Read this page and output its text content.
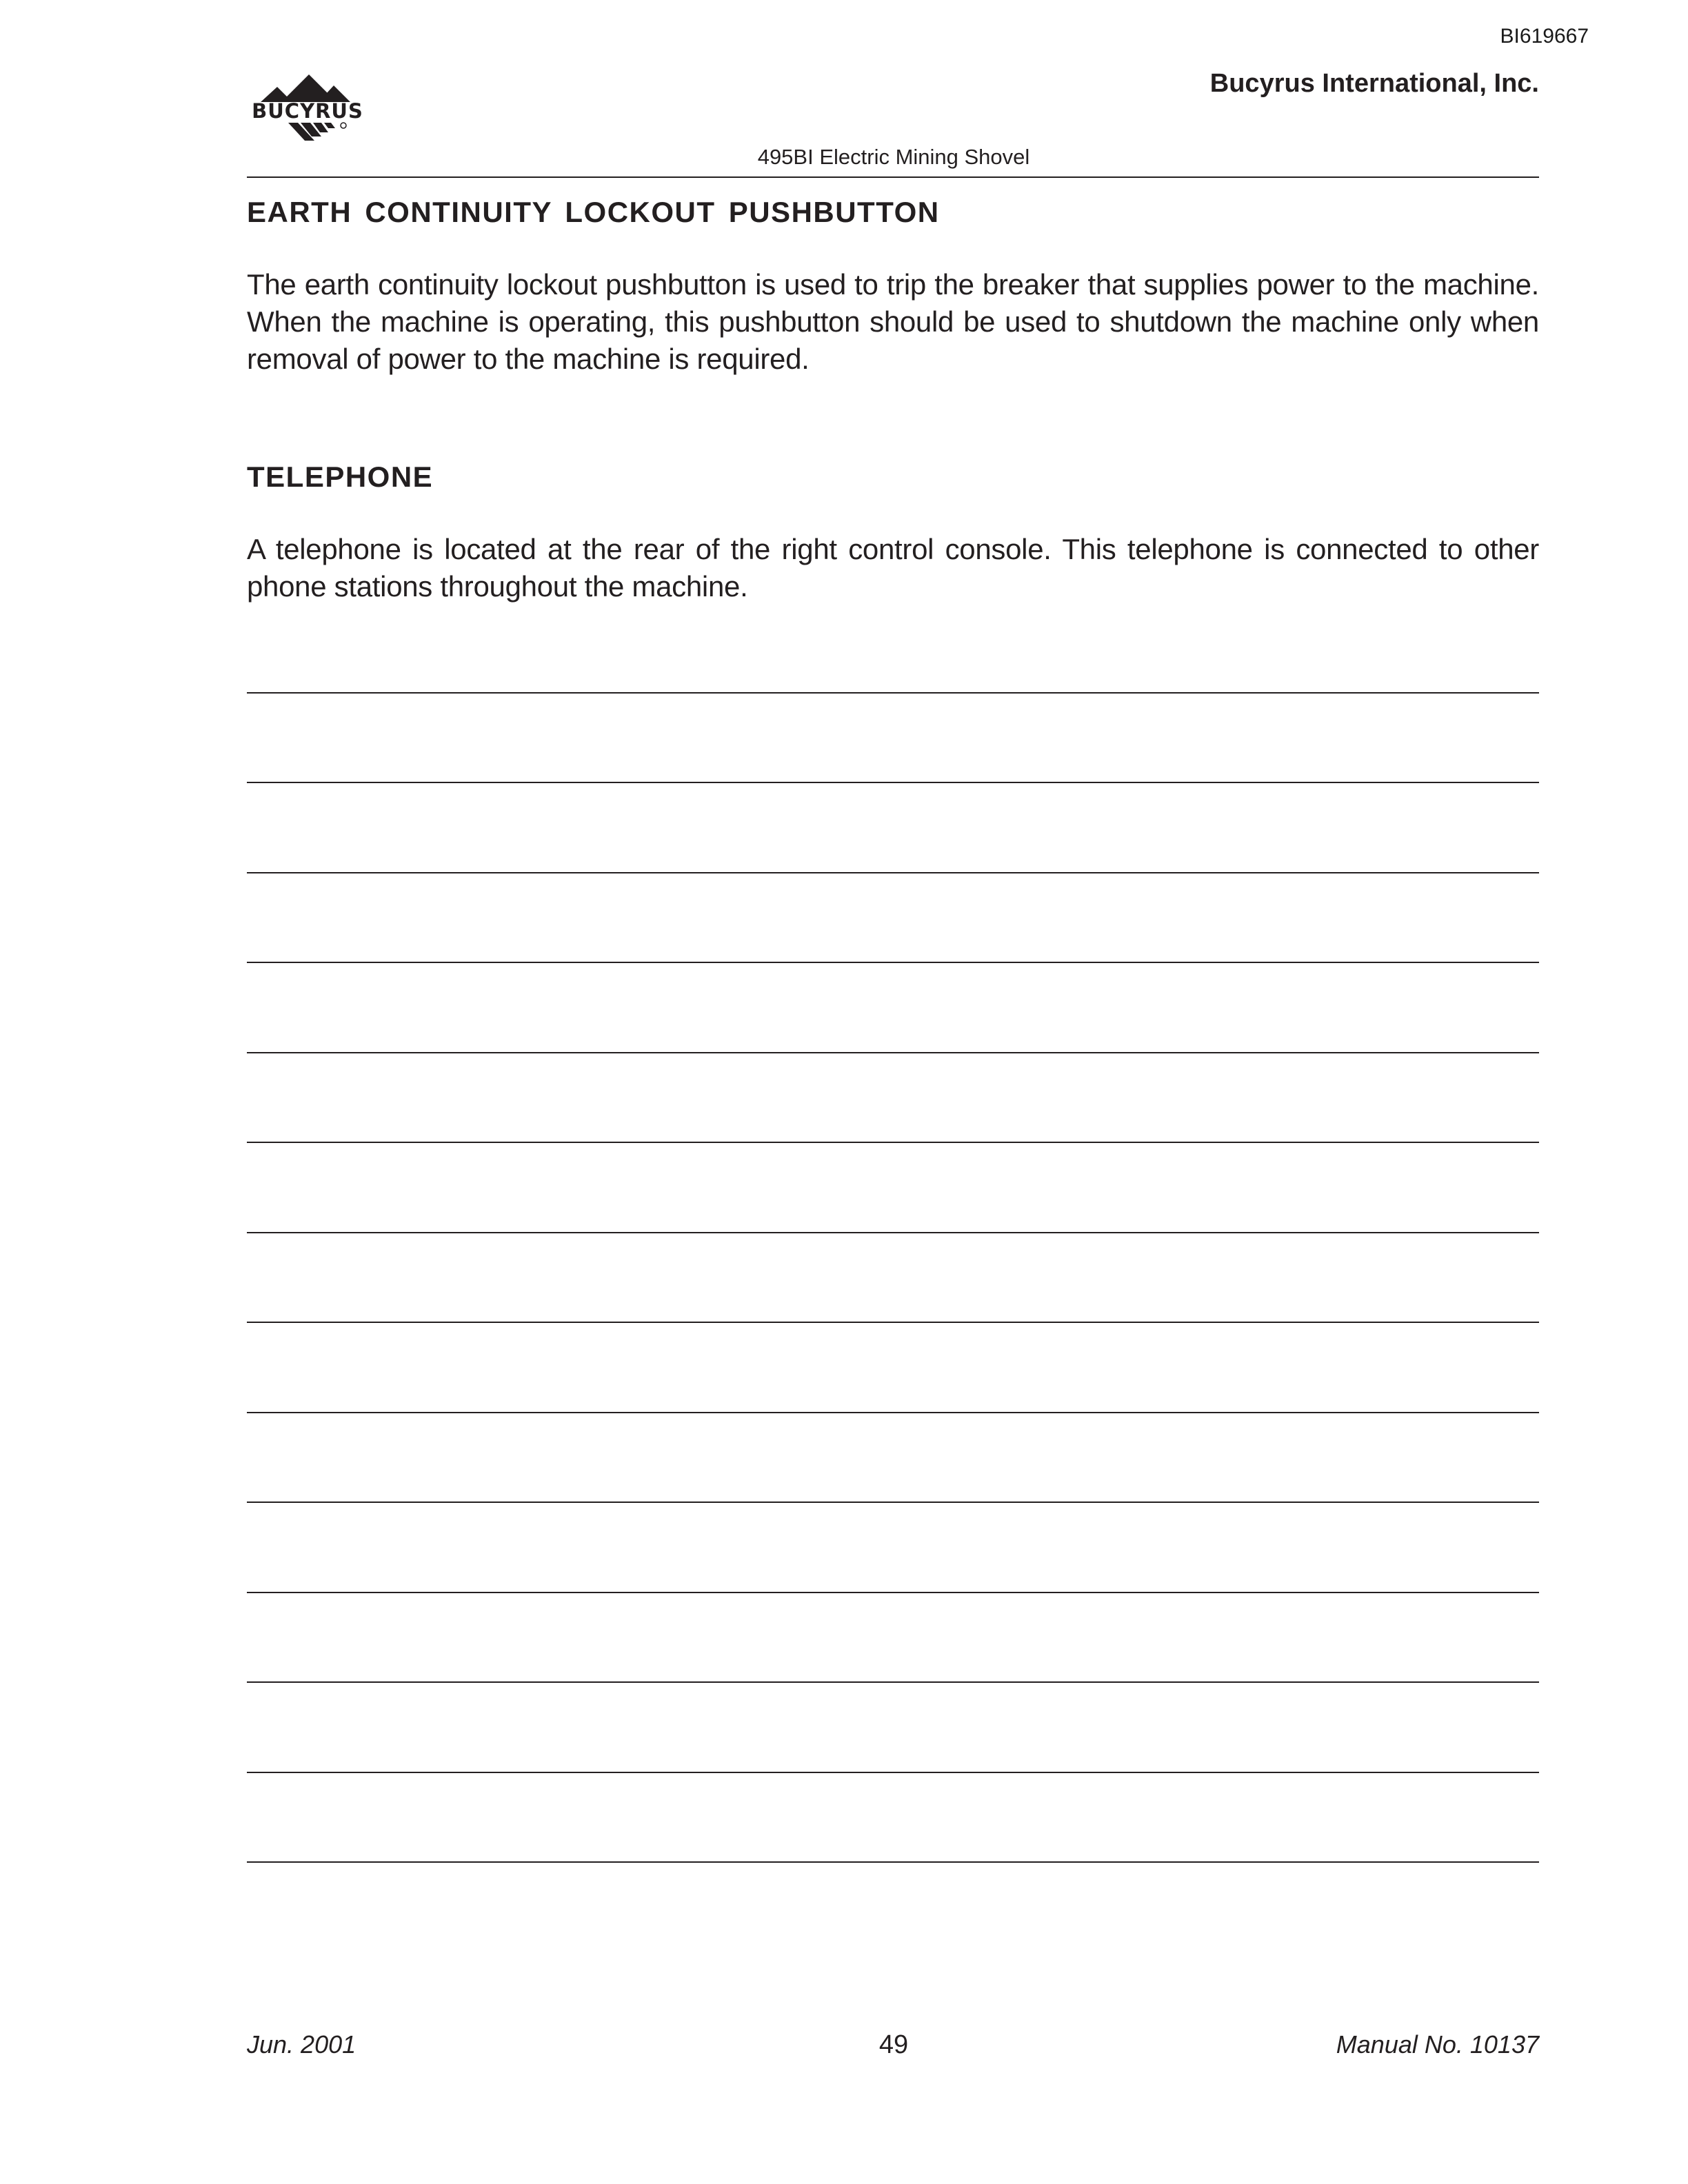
BI619667
BUCYRUS
Bucyrus International, Inc.
495BI Electric Mining Shovel
EARTH CONTINUITY LOCKOUT PUSHBUTTON
The earth continuity lockout pushbutton is used to trip the breaker that supplies power to the machine. When the machine is operating, this pushbutton should be used to shutdown the machine only when removal of power to the machine is required.
TELEPHONE
A telephone is located at the rear of the right control console. This telephone is connected to other phone stations throughout the machine.
Jun. 2001	49	Manual No. 10137
